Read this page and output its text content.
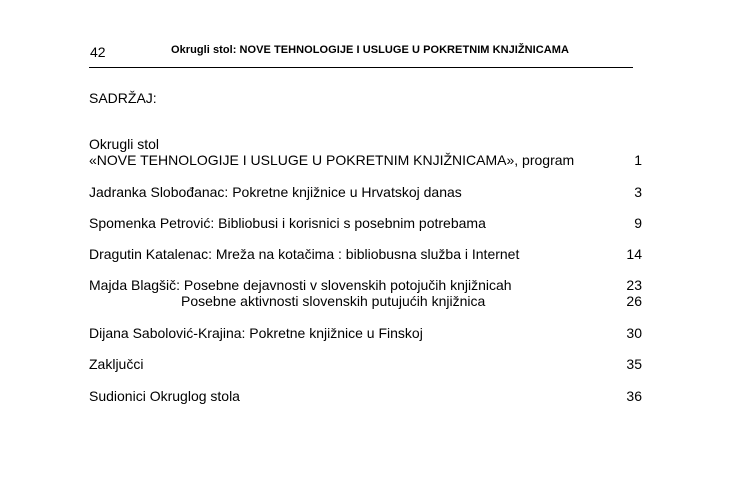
42	Okrugli stol: NOVE TEHNOLOGIJE I USLUGE U POKRETNIM KNJIŽNICAMA
SADRŽAJ:
Okrugli stol
«NOVE TEHNOLOGIJE I USLUGE U POKRETNIM KNJIŽNICAMA», program	1
Jadranka Slobođanac: Pokretne knjižnice u Hrvatskoj danas	3
Spomenka Petrović: Bibliobusi i korisnici s posebnim potrebama	9
Dragutin Katalenac: Mreža na kotačima : bibliobusna služba i Internet	14
Majda Blagšič: Posebne dejavnosti v slovenskih potojučih knjižnicah	23
Posebne aktivnosti slovenskih putujućih knjižnica	26
Dijana Sabolović-Krajina: Pokretne knjižnice u Finskoj	30
Zaključci	35
Sudionici Okruglog stola	36
